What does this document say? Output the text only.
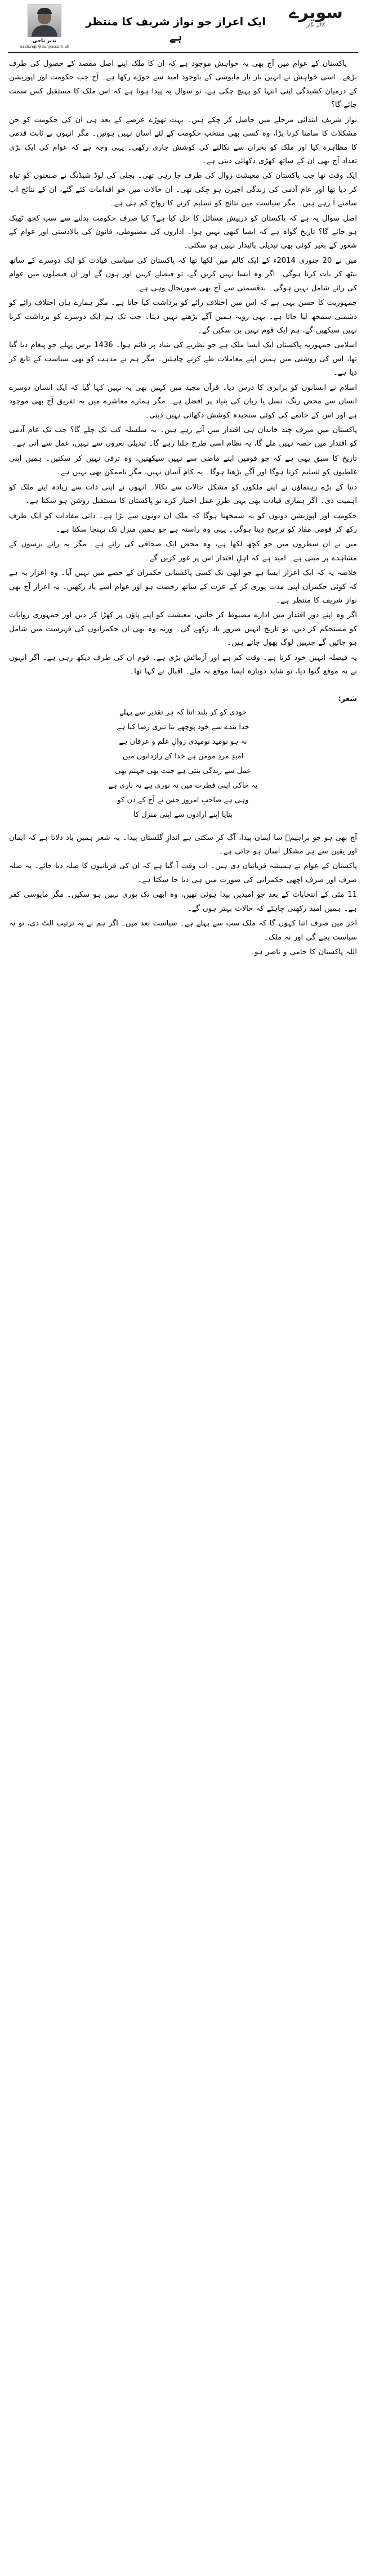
سویرے
کالم نگار
ایک اعزاز جو نواز شریف کا منتظر ہے
نذیر ناجی
nazir.naji@dunya.com.pk

پاکستان کے عوام میں آج بھی یہ خواہش موجود ہے کہ ان کا ملک اپنے اصل مقصد کے حصول کی طرف بڑھے۔ اسی خواہش نے انہیں بار بار مایوسی کے باوجود امید سے جوڑے رکھا ہے۔ آج جب حکومت اور اپوزیشن کے درمیان کشیدگی اپنی انتہا کو پہنچ چکی ہے، تو سوال یہ پیدا ہوتا ہے کہ اس ملک کا مستقبل کس سمت جائے گا؟

نواز شریف ابتدائی مرحلے میں حاصل کر چکے ہیں۔ بہت تھوڑے عرصے کے بعد ہی ان کی حکومت کو جن مشکلات کا سامنا کرنا پڑا، وہ کسی بھی منتخب حکومت کے لئے آسان نہیں ہوتیں۔ مگر انہوں نے ثابت قدمی کا مظاہرہ کیا اور ملک کو بحران سے نکالنے کی کوشش جاری رکھی۔ یہی وجہ ہے کہ عوام کی ایک بڑی تعداد آج بھی ان کے ساتھ کھڑی دکھائی دیتی ہے۔

ایک وقت تھا جب پاکستان کی معیشت زوال کی طرف جا رہی تھی۔ بجلی کی لوڈ شیڈنگ نے صنعتوں کو تباہ کر دیا تھا اور عام آدمی کی زندگی اجیرن ہو چکی تھی۔ ان حالات میں جو اقدامات کئے گئے، ان کے نتائج اب سامنے آ رہے ہیں۔ مگر سیاست میں نتائج کو تسلیم کرنے کا رواج کم ہی ہے۔

اصل سوال یہ ہے کہ پاکستان کو درپیش مسائل کا حل کیا ہے؟ کیا صرف حکومت بدلنے سے سب کچھ ٹھیک ہو جائے گا؟ تاریخ گواہ ہے کہ ایسا کبھی نہیں ہوا۔ اداروں کی مضبوطی، قانون کی بالادستی اور عوام کے شعور کے بغیر کوئی بھی تبدیلی پائیدار نہیں ہو سکتی۔

میں نے 20 جنوری 2014ء کے ایک کالم میں لکھا تھا کہ پاکستان کی سیاسی قیادت کو ایک دوسرے کے ساتھ بیٹھ کر بات کرنا ہوگی۔ اگر وہ ایسا نہیں کریں گے، تو فیصلے کہیں اور ہوں گے اور ان فیصلوں میں عوام کی رائے شامل نہیں ہوگی۔ بدقسمتی سے آج بھی صورتحال وہی ہے۔

جمہوریت کا حسن یہی ہے کہ اس میں اختلاف رائے کو برداشت کیا جاتا ہے۔ مگر ہمارے ہاں اختلاف رائے کو دشمنی سمجھ لیا جاتا ہے۔ یہی رویہ ہمیں آگے بڑھنے نہیں دیتا۔ جب تک ہم ایک دوسرے کو برداشت کرنا نہیں سیکھیں گے، ہم ایک قوم نہیں بن سکیں گے۔

اسلامی جمہوریہ پاکستان ایک ایسا ملک ہے جو نظریے کی بنیاد پر قائم ہوا۔ 1436 برس پہلے جو پیغام دیا گیا تھا، اس کی روشنی میں ہمیں اپنے معاملات طے کرنے چاہئیں۔ مگر ہم نے مذہب کو بھی سیاست کے تابع کر دیا ہے۔

اسلام نے انسانوں کو برابری کا درس دیا۔ قرآن مجید میں کہیں بھی یہ نہیں کہا گیا کہ ایک انسان دوسرے انسان سے محض رنگ، نسل یا زبان کی بنیاد پر افضل ہے۔ مگر ہمارے معاشرے میں یہ تفریق آج بھی موجود ہے اور اس کے خاتمے کی کوئی سنجیدہ کوشش دکھائی نہیں دیتی۔

پاکستان میں صرف چند خاندان ہی اقتدار میں آتے رہے ہیں۔ یہ سلسلہ کب تک چلے گا؟ جب تک عام آدمی کو اقتدار میں حصہ نہیں ملے گا، یہ نظام اسی طرح چلتا رہے گا۔ تبدیلی نعروں سے نہیں، عمل سے آتی ہے۔

تاریخ کا سبق یہی ہے کہ جو قومیں اپنے ماضی سے نہیں سیکھتیں، وہ ترقی نہیں کر سکتیں۔ ہمیں اپنی غلطیوں کو تسلیم کرنا ہوگا اور آگے بڑھنا ہوگا۔ یہ کام آسان نہیں، مگر ناممکن بھی نہیں ہے۔

دنیا کے بڑے رہنماؤں نے اپنے ملکوں کو مشکل حالات سے نکالا۔ انہوں نے اپنی ذات سے زیادہ اپنے ملک کو اہمیت دی۔ اگر ہماری قیادت بھی یہی طرزِ عمل اختیار کرے تو پاکستان کا مستقبل روشن ہو سکتا ہے۔

حکومت اور اپوزیشن دونوں کو یہ سمجھنا ہوگا کہ ملک ان دونوں سے بڑا ہے۔ ذاتی مفادات کو ایک طرف رکھ کر قومی مفاد کو ترجیح دینا ہوگی۔ یہی وہ راستہ ہے جو ہمیں منزل تک پہنچا سکتا ہے۔

میں نے ان سطروں میں جو کچھ لکھا ہے، وہ محض ایک صحافی کی رائے ہے۔ مگر یہ رائے برسوں کے مشاہدے پر مبنی ہے۔ امید ہے کہ اہلِ اقتدار اس پر غور کریں گے۔

خلاصہ یہ کہ ایک اعزاز ایسا ہے جو ابھی تک کسی پاکستانی حکمران کے حصے میں نہیں آیا۔ وہ اعزاز یہ ہے کہ کوئی حکمران اپنی مدت پوری کر کے عزت کے ساتھ رخصت ہو اور عوام اسے یاد رکھیں۔ یہ اعزاز آج بھی نواز شریف کا منتظر ہے۔

اگر وہ اپنے دورِ اقتدار میں ادارے مضبوط کر جائیں، معیشت کو اپنے پاؤں پر کھڑا کر دیں اور جمہوری روایات کو مستحکم کر دیں، تو تاریخ انہیں ضرور یاد رکھے گی۔ ورنہ وہ بھی ان حکمرانوں کی فہرست میں شامل ہو جائیں گے جنہیں لوگ بھول جاتے ہیں۔

یہ فیصلہ انہیں خود کرنا ہے۔ وقت کم ہے اور آزمائش بڑی ہے۔ قوم ان کی طرف دیکھ رہی ہے۔ اگر انہوں نے یہ موقع گنوا دیا، تو شاید دوبارہ ایسا موقع نہ ملے۔ اقبال نے کہا تھا۔

شعر:
خودی کو کر بلند اتنا کہ ہر تقدیر سے پہلے
خدا بندے سے خود پوچھے بتا تیری رضا کیا ہے
نہ ہو نومید نومیدی زوالِ علم و عرفاں ہے
امیدِ مردِ مومن ہے خدا کے رازدانوں میں
عمل سے زندگی بنتی ہے جنت بھی جہنم بھی
یہ خاکی اپنی فطرت میں نہ نوری ہے نہ ناری ہے
وہی ہے صاحبِ امروز جس نے آج کے دن کو
بنایا اپنے ارادوں سے اپنی منزل کا

آج بھی ہو جو براہیمؑ سا ایمان پیدا، آگ کر سکتی ہے اندازِ گلستاں پیدا۔ یہ شعر ہمیں یاد دلاتا ہے کہ ایمان اور یقین سے ہر مشکل آسان ہو جاتی ہے۔

پاکستان کے عوام نے ہمیشہ قربانیاں دی ہیں۔ اب وقت آ گیا ہے کہ ان کی قربانیوں کا صلہ دیا جائے۔ یہ صلہ صرف اور صرف اچھی حکمرانی کی صورت میں ہی دیا جا سکتا ہے۔

11 مئی کے انتخابات کے بعد جو امیدیں پیدا ہوئی تھیں، وہ ابھی تک پوری نہیں ہو سکیں۔ مگر مایوسی کفر ہے۔ ہمیں امید رکھنی چاہئے کہ حالات بہتر ہوں گے۔

آخر میں صرف اتنا کہوں گا کہ ملک سب سے پہلے ہے۔ سیاست بعد میں۔ اگر ہم نے یہ ترتیب الٹ دی، تو نہ سیاست بچے گی اور نہ ملک۔

اللہ پاکستان کا حامی و ناصر ہو۔
